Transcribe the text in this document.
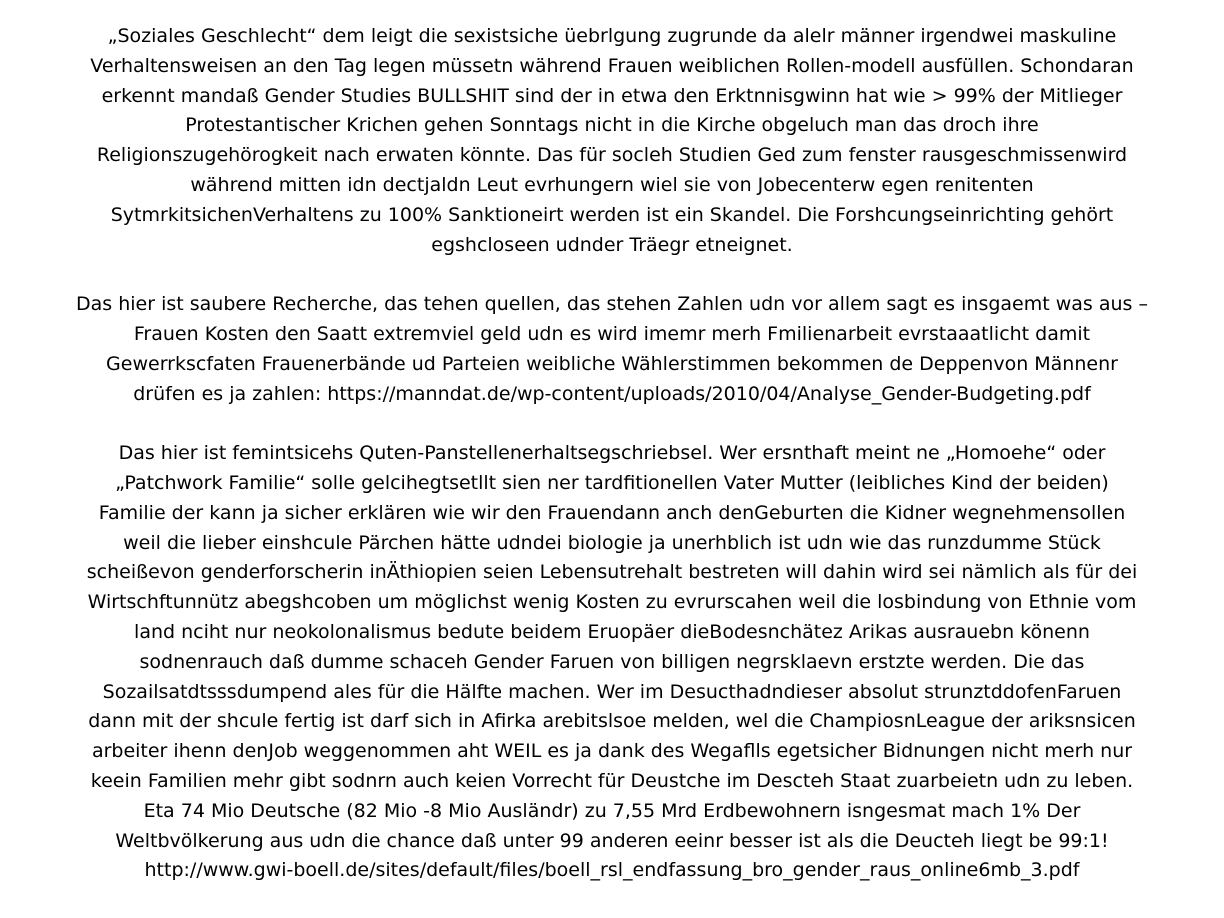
„Soziales Geschlecht“ dem leigt die sexistsiche üebrlgung zugrunde da alelr männer irgendwei maskuline
Verhaltensweisen an den Tag legen müssetn während Frauen weiblichen Rollen-modell ausfüllen. Schondaran
erkennt mandaß Gender Studies BULLSHIT sind der in etwa den Erktnnisgwinn hat wie > 99% der Mitlieger
Protestantischer Krichen gehen Sonntags nicht in die Kirche obgeluch man das droch ihre
Religionszugehörogkeit nach erwaten könnte. Das für socleh Studien Ged zum fenster rausgeschmissenwird
während mitten idn dectjaldn Leut evrhungern wiel sie von Jobecenterw egen renitenten
SytmrkitsichenVerhaltens zu 100% Sanktioneirt werden ist ein Skandel. Die Forshcungseinrichting gehört
egshcloseen udnder Träegr etneignet.
Das hier ist saubere Recherche, das tehen quellen, das stehen Zahlen udn vor allem sagt es insgaemt was aus –
Frauen Kosten den Saatt extremviel geld udn es wird imemr merh Fmilienarbeit evrstaaatlicht damit
Gewerrkscfaten Frauenerbände ud Parteien weibliche Wählerstimmen bekommen de Deppenvon Männenr
drüfen es ja zahlen: https://manndat.de/wp-content/uploads/2010/04/Analyse_Gender-Budgeting.pdf
Das hier ist femintsicehs Quten-Panstellenerhaltsegschriebsel. Wer ersnthaft meint ne „Homoehe“ oder
„Patchwork Familie“ solle gelcihegtsetllt sien ner tardfitionellen Vater Mutter (leibliches Kind der beiden)
Familie der kann ja sicher erklären wie wir den Frauendann anch denGeburten die Kidner wegnehmensollen
weil die lieber einshcule Pärchen hätte udndei biologie ja unerhblich ist udn wie das runzdumme Stück
scheißevon genderforscherin inÄthiopien seien Lebensutrehalt bestreten will dahin wird sei nämlich als für dei
Wirtschftunnütz abegshcoben um möglichst wenig Kosten zu evrurscahen weil die losbindung von Ethnie vom
land nciht nur neokolonalismus bedute beidem Eruopäer dieBodesnchätez Arikas ausrauebn könenn
sodnenrauch daß dumme schaceh Gender Faruen von billigen negrsklaevn erstzte werden. Die das
Sozailsatdtsssdumpend ales für die Hälfte machen. Wer im Desucthadndieser absolut strunztddofenFaruen
dann mit der shcule fertig ist darf sich in Afirka arebitslsoe melden, wel die ChampiosnLeague der ariksnsicen
arbeiter ihenn denJob weggenommen aht WEIL es ja dank des Wegaflls egetsicher Bidnungen nicht merh nur
keein Familien mehr gibt sodnrn auch keien Vorrecht für Deustche im Descteh Staat zuarbeietn udn zu leben.
Eta 74 Mio Deutsche (82 Mio -8 Mio Ausländr) zu 7,55 Mrd Erdbewohnern isngesmat mach 1% Der
Weltbvölkerung aus udn die chance daß unter 99 anderen eeinr besser ist als die Deucteh liegt be 99:1!
http://www.gwi-boell.de/sites/default/files/boell_rsl_endfassung_bro_gender_raus_online6mb_3.pdf
